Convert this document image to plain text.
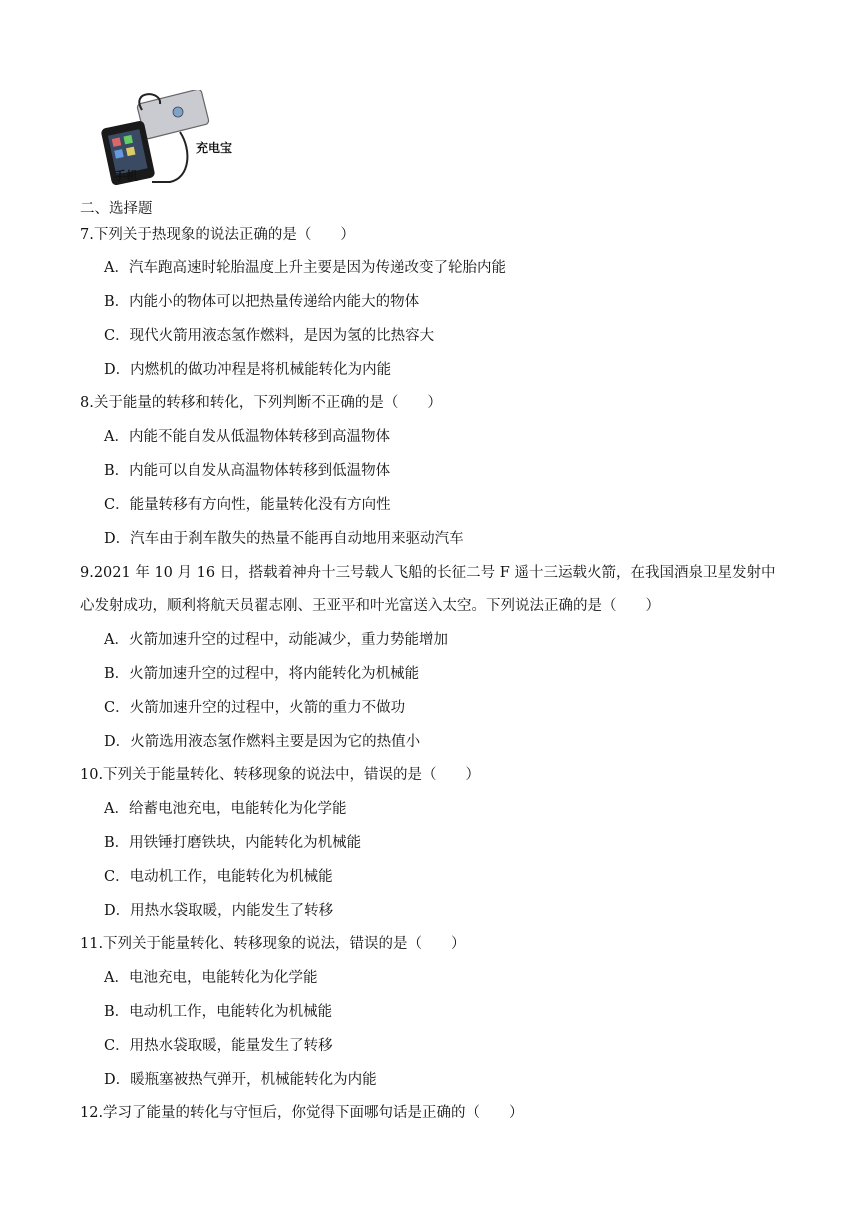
充电宝
手机
二、选择题
7.下列关于热现象的说法正确的是（　　）
A．汽车跑高速时轮胎温度上升主要是因为传递改变了轮胎内能
B．内能小的物体可以把热量传递给内能大的物体
C．现代火箭用液态氢作燃料，是因为氢的比热容大
D．内燃机的做功冲程是将机械能转化为内能
8.关于能量的转移和转化，下列判断不正确的是（　　）
A．内能不能自发从低温物体转移到高温物体
B．内能可以自发从高温物体转移到低温物体
C．能量转移有方向性，能量转化没有方向性
D．汽车由于刹车散失的热量不能再自动地用来驱动汽车
9.2021 年 10 月 16 日，搭载着神舟十三号载人飞船的长征二号 F 遥十三运载火箭，在我国酒泉卫星发射中
心发射成功，顺利将航天员翟志刚、王亚平和叶光富送入太空。下列说法正确的是（　　）
A．火箭加速升空的过程中，动能减少，重力势能增加
B．火箭加速升空的过程中，将内能转化为机械能
C．火箭加速升空的过程中，火箭的重力不做功
D．火箭选用液态氢作燃料主要是因为它的热值小
10.下列关于能量转化、转移现象的说法中，错误的是（　　）
A．给蓄电池充电，电能转化为化学能
B．用铁锤打磨铁块，内能转化为机械能
C．电动机工作，电能转化为机械能
D．用热水袋取暖，内能发生了转移
11.下列关于能量转化、转移现象的说法，错误的是（　　）
A．电池充电，电能转化为化学能
B．电动机工作，电能转化为机械能
C．用热水袋取暖，能量发生了转移
D．暖瓶塞被热气弹开，机械能转化为内能
12.学习了能量的转化与守恒后，你觉得下面哪句话是正确的（　　）
